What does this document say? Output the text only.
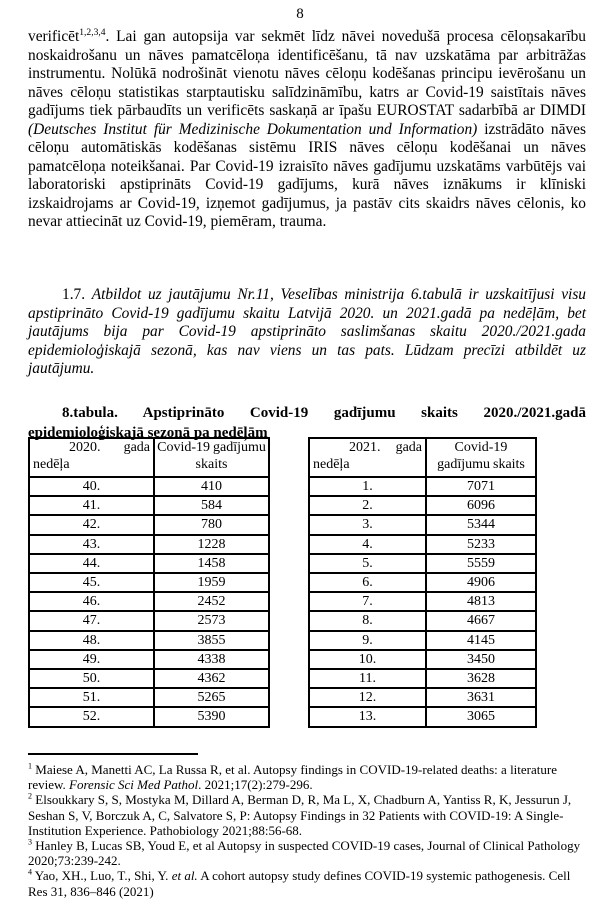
8

verificēt$^{1,2,3,4}$. Lai gan autopsija var sekmēt līdz nāvei novedušā procesa cēloņsakarību noskaidrošanu un nāves pamatcēloņa identificēšanu, tā nav uzskatāma par arbitrāžas instrumentu. Nolūkā nodrošināt vienotu nāves cēloņu kodēšanas principu ievērošanu un nāves cēloņu statistikas starptautisku salīdzināmību, katrs ar Covid-19 saistītais nāves gadījums tiek pārbaudīts un verificēts saskaņā ar īpašu EUROSTAT sadarbībā ar DIMDI (Deutsches Institut für Medizinische Dokumentation und Information) izstrādāto nāves cēloņu automātiskās kodēšanas sistēmu IRIS nāves cēloņu kodēšanai un nāves pamatcēloņa noteikšanai. Par Covid-19 izraisīto nāves gadījumu uzskatāms varbūtējs vai laboratoriski apstiprināts Covid-19 gadījums, kurā nāves iznākums ir klīniski izskaidrojams ar Covid-19, izņemot gadījumus, ja pastāv cits skaidrs nāves cēlonis, ko nevar attiecināt uz Covid-19, piemēram, trauma.

1.7. Atbildot uz jautājumu Nr.11, Veselības ministrija 6.tabulā ir uzskaitījusi visu apstiprināto Covid-19 gadījumu skaitu Latvijā 2020. un 2021.gadā pa nedēļām, bet jautājums bija par Covid-19 apstiprināto saslimšanas skaitu 2020./2021.gada epidemioloģiskajā sezonā, kas nav viens un tas pats. Lūdzam precīzi atbildēt uz jautājumu.

8.tabula. Apstiprināto Covid-19 gadījumu skaits 2020./2021.gadā epidemioloģiskajā sezonā pa nedēļām

2020. gada nedēļa	Covid-19 gadījumu skaits

40.	410
41.	584
42.	780
43.	1228
44.	1458
45.	1959
46.	2452
47.	2573
48.	3855
49.	4338
50.	4362
51.	5265
52.	5390
2021. gada nedēļa	Covid-19 gadījumu skaits

1.	7071
2.	6096
3.	5344
4.	5233
5.	5559
6.	4906
7.	4813
8.	4667
9.	4145
10.	3450
11.	3628
12.	3631
13.	3065

$^1$ Maiese A, Manetti AC, La Russa R, et al. Autopsy findings in COVID-19-related deaths: a literature review. Forensic Sci Med Pathol. 2021;17(2):279-296.

$^2$ Elsoukkary S, S, Mostyka M, Dillard A, Berman D, R, Ma L, X, Chadburn A, Yantiss R, K, Jessurun J, Seshan S, V, Borczuk A, C, Salvatore S, P: Autopsy Findings in 32 Patients with COVID-19: A Single-Institution Experience. Pathobiology 2021;88:56-68.

$^3$ Hanley B, Lucas SB, Youd E, et al Autopsy in suspected COVID-19 cases, Journal of Clinical Pathology 2020;73:239-242.

$^4$ Yao, XH., Luo, T., Shi, Y. et al. A cohort autopsy study defines COVID-19 systemic pathogenesis. Cell Res 31, 836–846 (2021)
